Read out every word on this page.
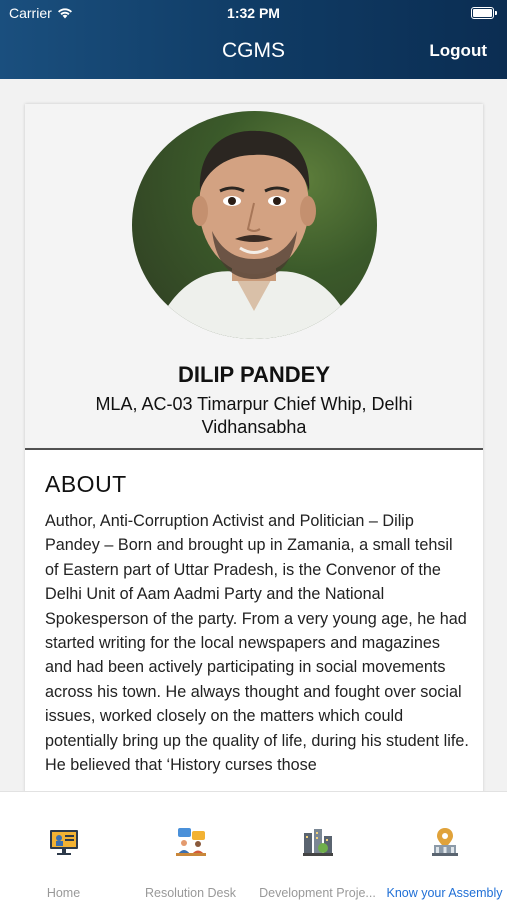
Carrier	1:32 PM
CGMS	Logout
DILIP PANDEY
MLA, AC-03 Timarpur Chief Whip, Delhi Vidhansabha
ABOUT
Author, Anti-Corruption Activist and Politician – Dilip Pandey – Born and brought up in Zamania, a small tehsil of Eastern part of Uttar Pradesh, is the Convenor of the Delhi Unit of Aam Aadmi Party and the National Spokesperson of the party. From a very young age, he had started writing for the local newspapers and magazines and had been actively participating in social movements across his town. He always thought and fought over social issues, worked closely on the matters which could potentially bring up the quality of life, during his student life. He believed that ‘History curses those
Home	Resolution Desk	Development Proje... Know your Assembly
